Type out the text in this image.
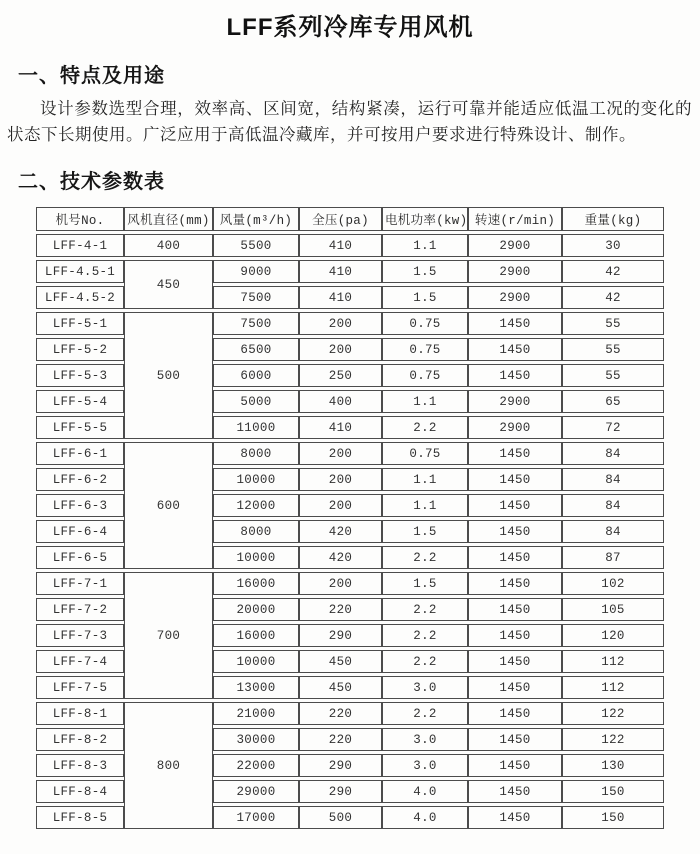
LFF系列冷库专用风机
一、特点及用途

设计参数选型合理，效率高、区间宽，结构紧凑，运行可靠并能适应低温工况的变化的状态下长期使用。广泛应用于高低温冷藏库，并可按用户要求进行特殊设计、制作。

二、技术参数表
机号No.	风机直径(mm)	风量(m³/h)	全压(pa)	电机功率(kw)	转速(r/min)	重量(kg)
LFF-4-1	400	5500	410	1.1	2900	30
LFF-4.5-1	450	9000	410	1.5	2900	42
LFF-4.5-2		7500	410	1.5	2900	42
LFF-5-1	500	7500	200	0.75	1450	55
LFF-5-2		6500	200	0.75	1450	55
LFF-5-3		6000	250	0.75	1450	55
LFF-5-4		5000	400	1.1	2900	65
LFF-5-5		11000	410	2.2	2900	72
LFF-6-1	600	8000	200	0.75	1450	84
LFF-6-2		10000	200	1.1	1450	84
LFF-6-3		12000	200	1.1	1450	84
LFF-6-4		8000	420	1.5	1450	84
LFF-6-5		10000	420	2.2	1450	87
LFF-7-1	700	16000	200	1.5	1450	102
LFF-7-2		20000	220	2.2	1450	105
LFF-7-3		16000	290	2.2	1450	120
LFF-7-4		10000	450	2.2	1450	112
LFF-7-5		13000	450	3.0	1450	112
LFF-8-1	800	21000	220	2.2	1450	122
LFF-8-2		30000	220	3.0	1450	122
LFF-8-3		22000	290	3.0	1450	130
LFF-8-4		29000	290	4.0	1450	150
LFF-8-5		17000	500	4.0	1450	150
